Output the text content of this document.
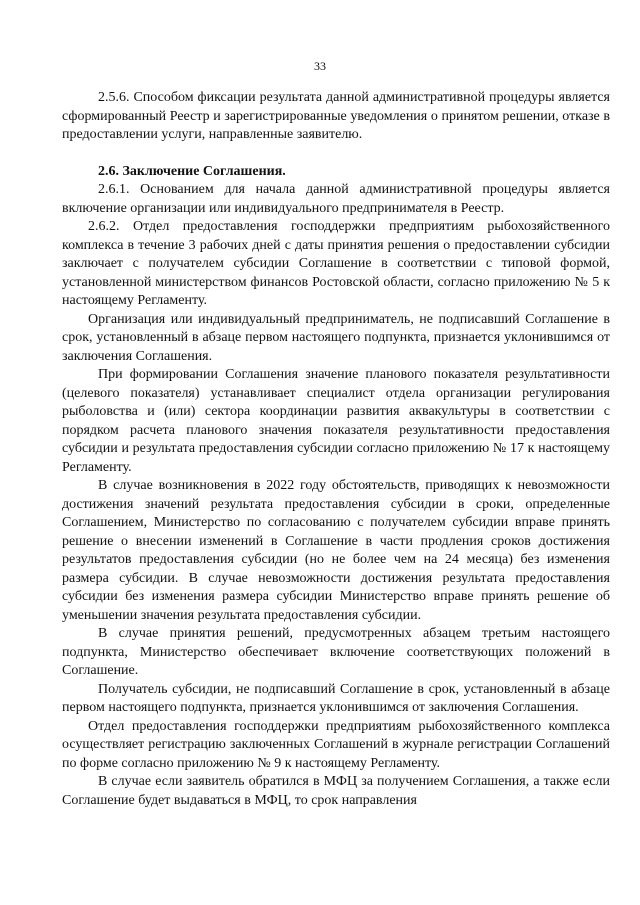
33

2.5.6. Способом фиксации результата данной административной процедуры является сформированный Реестр и зарегистрированные уведомления о принятом решении, отказе в предоставлении услуги, направленные заявителю.

2.6. Заключение Соглашения.

2.6.1. Основанием для начала данной административной процедуры является включение организации или индивидуального предпринимателя в Реестр.

2.6.2. Отдел предоставления господдержки предприятиям рыбохозяйственного комплекса в течение 3 рабочих дней с даты принятия решения о предоставлении субсидии заключает с получателем субсидии Соглашение в соответствии с типовой формой, установленной министерством финансов Ростовской области, согласно приложению № 5 к настоящему Регламенту.

Организация или индивидуальный предприниматель, не подписавший Соглашение в срок, установленный в абзаце первом настоящего подпункта, признается уклонившимся от заключения Соглашения.

При формировании Соглашения значение планового показателя результативности (целевого показателя) устанавливает специалист отдела организации регулирования рыболовства и (или) сектора координации развития аквакультуры в соответствии с порядком расчета планового значения показателя результативности предоставления субсидии и результата предоставления субсидии согласно приложению № 17 к настоящему Регламенту.

В случае возникновения в 2022 году обстоятельств, приводящих к невозможности достижения значений результата предоставления субсидии в сроки, определенные Соглашением, Министерство по согласованию с получателем субсидии вправе принять решение о внесении изменений в Соглашение в части продления сроков достижения результатов предоставления субсидии (но не более чем на 24 месяца) без изменения размера субсидии. В случае невозможности достижения результата предоставления субсидии без изменения размера субсидии Министерство вправе принять решение об уменьшении значения результата предоставления субсидии.

В случае принятия решений, предусмотренных абзацем третьим настоящего подпункта, Министерство обеспечивает включение соответствующих положений в Соглашение.

Получатель субсидии, не подписавший Соглашение в срок, установленный в абзаце первом настоящего подпункта, признается уклонившимся от заключения Соглашения.

Отдел предоставления господдержки предприятиям рыбохозяйственного комплекса осуществляет регистрацию заключенных Соглашений в журнале регистрации Соглашений по форме согласно приложению № 9 к настоящему Регламенту.

В случае если заявитель обратился в МФЦ за получением Соглашения, а также если Соглашение будет выдаваться в МФЦ, то срок направления
